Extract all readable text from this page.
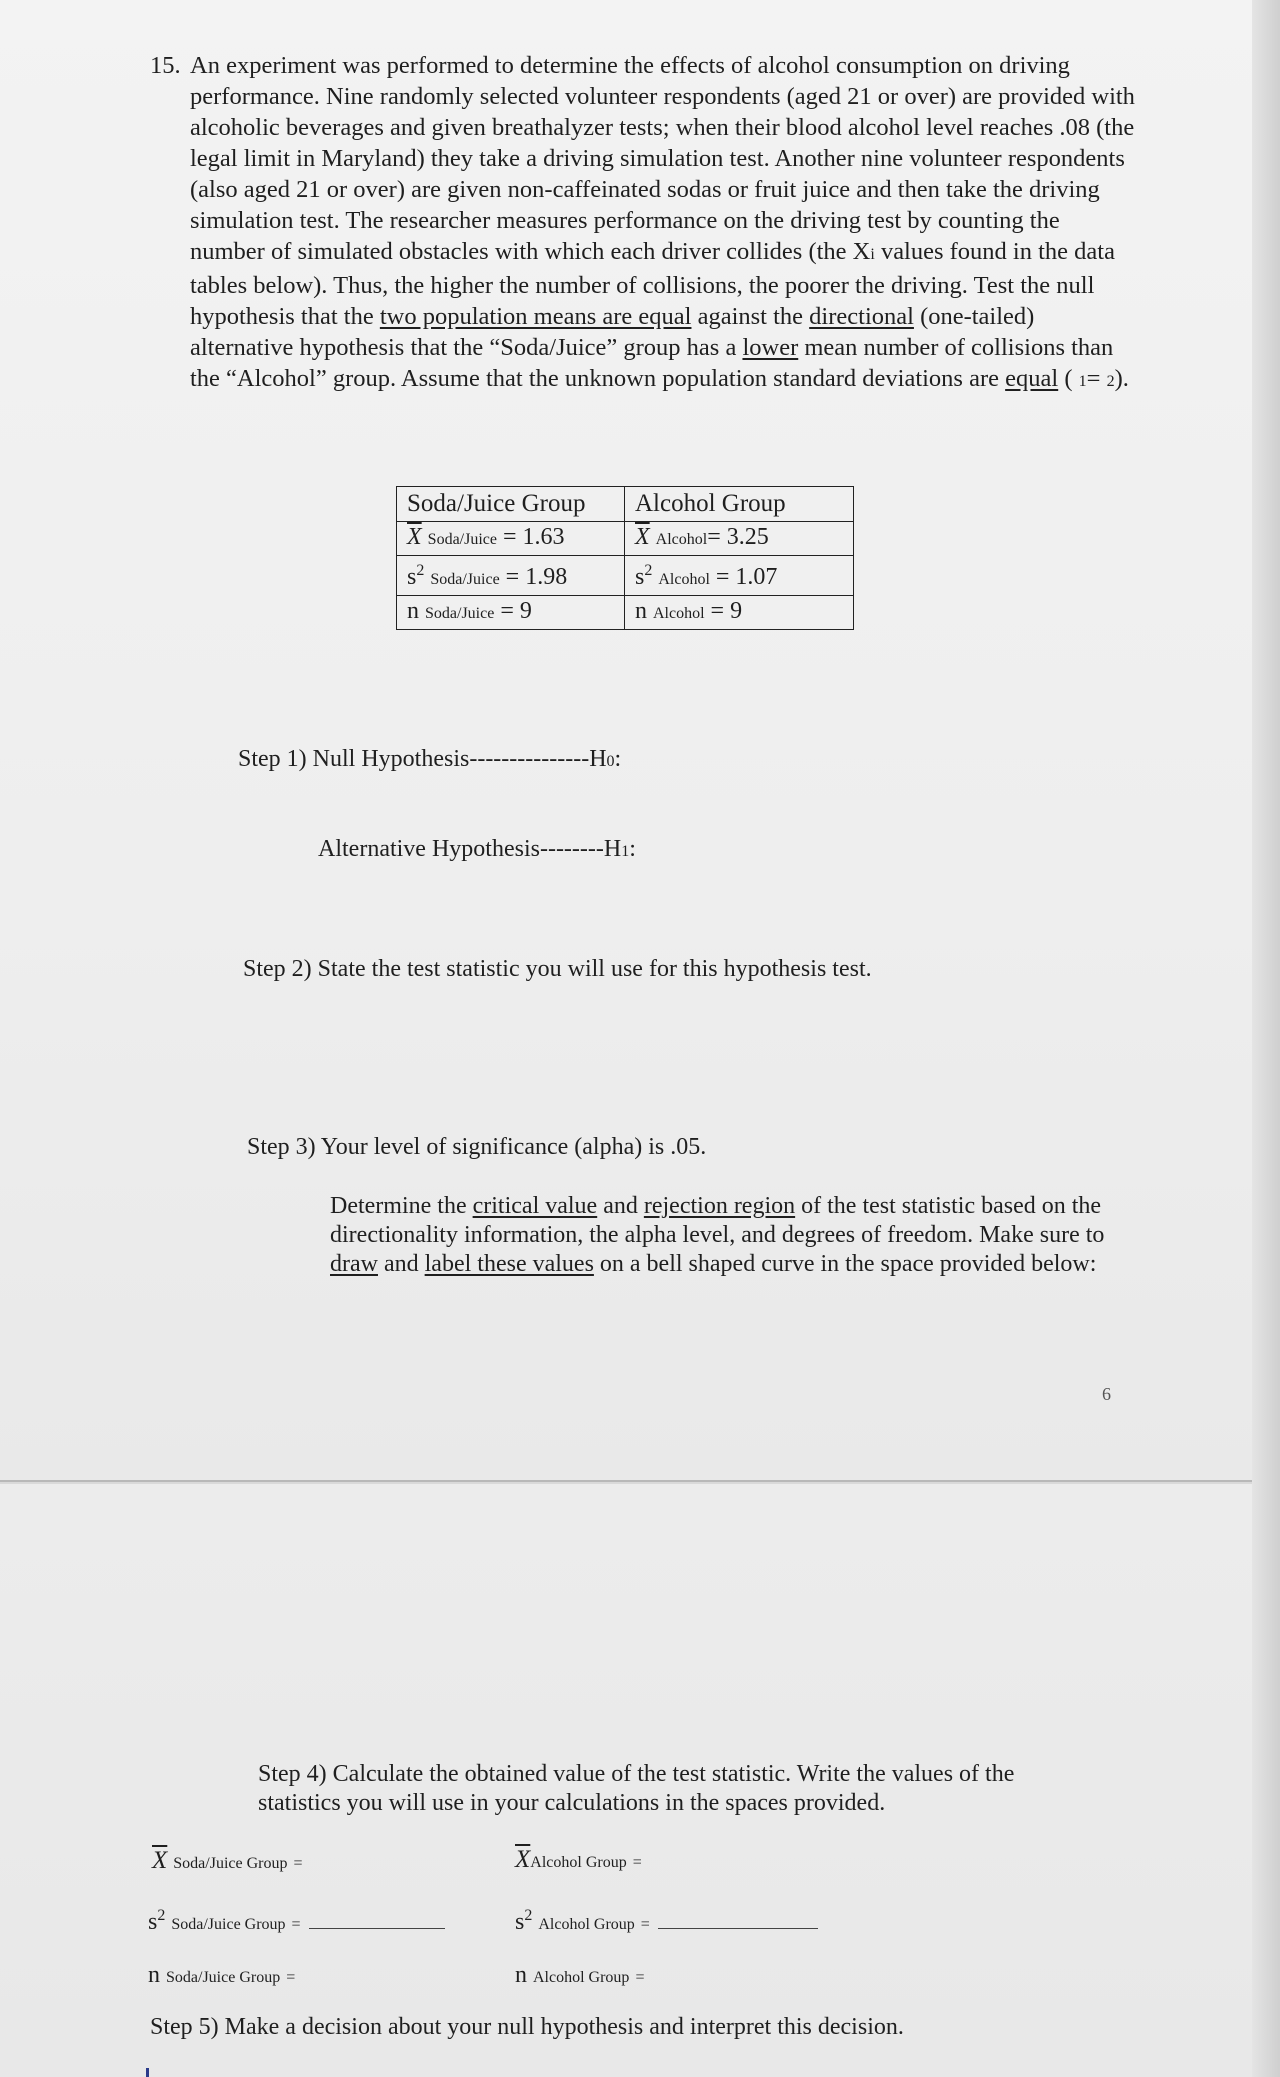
15. An experiment was performed to determine the effects of alcohol consumption on driving performance. Nine randomly selected volunteer respondents (aged 21 or over) are provided with alcoholic beverages and given breathalyzer tests; when their blood alcohol level reaches .08 (the legal limit in Maryland) they take a driving simulation test. Another nine volunteer respondents (also aged 21 or over) are given non-caffeinated sodas or fruit juice and then take the driving simulation test. The researcher measures performance on the driving test by counting the number of simulated obstacles with which each driver collides (the Xi values found in the data tables below). Thus, the higher the number of collisions, the poorer the driving. Test the null hypothesis that the two population means are equal against the directional (one-tailed) alternative hypothesis that the “Soda/Juice” group has a lower mean number of collisions than the “Alcohol” group. Assume that the unknown population standard deviations are equal ( 1= 2).
Soda/Juice Group	Alcohol Group
$\overline{X}$ Soda/Juice = 1.63	$\overline{X}$ Alcohol= 3.25
$s^2$ Soda/Juice = 1.98	$s^2$ Alcohol = 1.07
n Soda/Juice = 9	n Alcohol = 9
Step 1) Null Hypothesis---------------H0:
Alternative Hypothesis--------H1:
Step 2) State the test statistic you will use for this hypothesis test.
Step 3) Your level of significance (alpha) is .05.
Determine the critical value and rejection region of the test statistic based on the directionality information, the alpha level, and degrees of freedom. Make sure to draw and label these values on a bell shaped curve in the space provided below:
6
Step 4) Calculate the obtained value of the test statistic. Write the values of the statistics you will use in your calculations in the spaces provided.
$\overline{X}$ Soda/Juice Group =	$\overline{X}Alcohol$ Group =
$s^2$ Soda/Juice Group =	$s^2$ Alcohol Group =
n Soda/Juice Group =	n Alcohol Group =
Step 5) Make a decision about your null hypothesis and interpret this decision.
